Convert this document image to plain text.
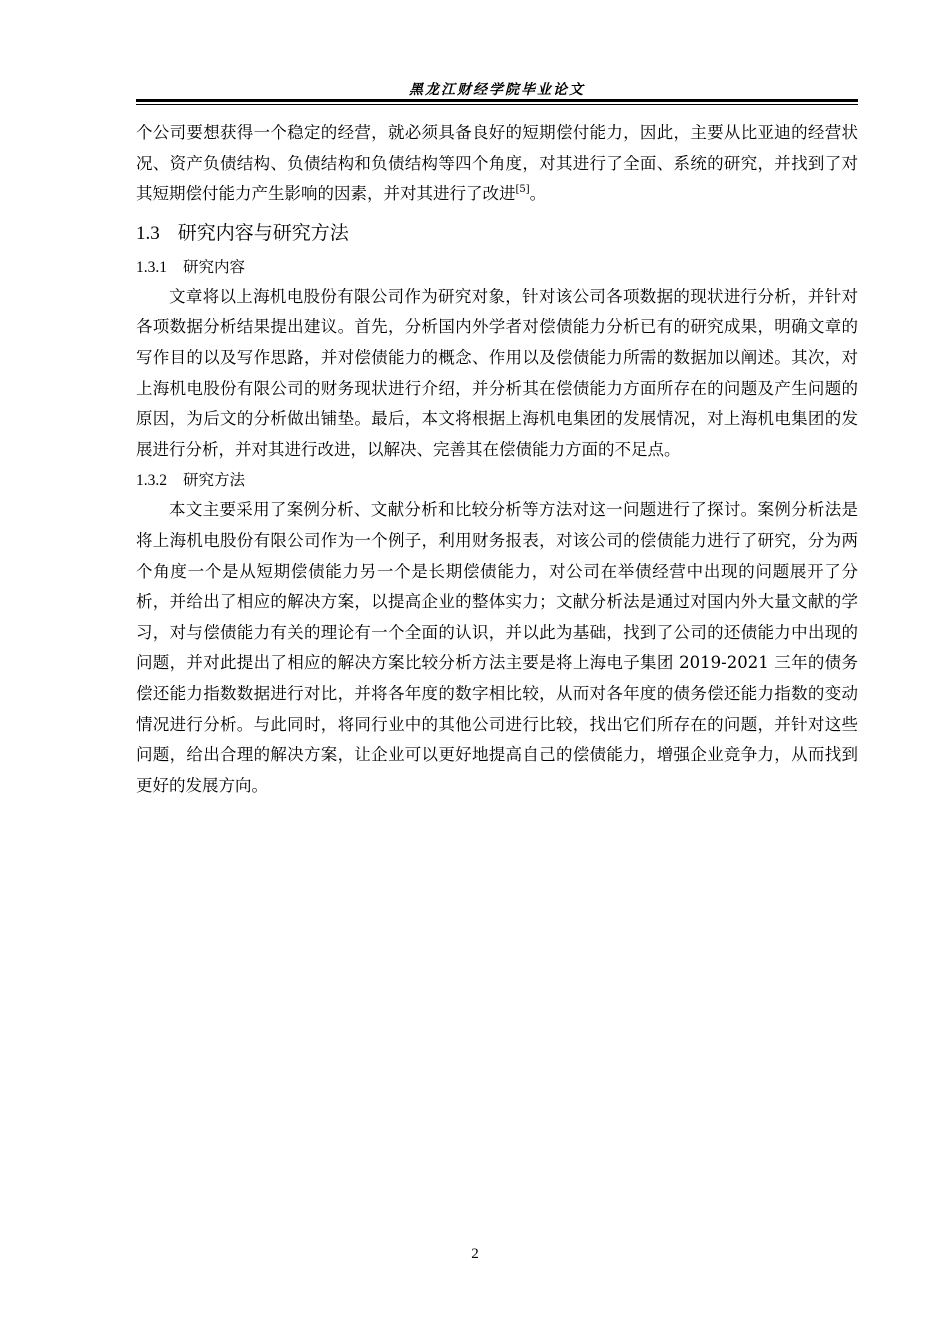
黑龙江财经学院毕业论文

个公司要想获得一个稳定的经营，就必须具备良好的短期偿付能力，因此，主要从比亚迪的经营状况、资产负债结构、负债结构和负债结构等四个角度，对其进行了全面、系统的研究，并找到了对其短期偿付能力产生影响的因素，并对其进行了改进[5]。

1.3 研究内容与研究方法
1.3.1 研究内容

文章将以上海机电股份有限公司作为研究对象，针对该公司各项数据的现状进行分析，并针对各项数据分析结果提出建议。首先，分析国内外学者对偿债能力分析已有的研究成果，明确文章的写作目的以及写作思路，并对偿债能力的概念、作用以及偿债能力所需的数据加以阐述。其次，对上海机电股份有限公司的财务现状进行介绍，并分析其在偿债能力方面所存在的问题及产生问题的原因，为后文的分析做出铺垫。最后，本文将根据上海机电集团的发展情况，对上海机电集团的发展进行分析，并对其进行改进，以解决、完善其在偿债能力方面的不足点。

1.3.2 研究方法

本文主要采用了案例分析、文献分析和比较分析等方法对这一问题进行了探讨。案例分析法是将上海机电股份有限公司作为一个例子，利用财务报表，对该公司的偿债能力进行了研究，分为两个角度一个是从短期偿债能力另一个是长期偿债能力，对公司在举债经营中出现的问题展开了分析，并给出了相应的解决方案，以提高企业的整体实力；文献分析法是通过对国内外大量文献的学习，对与偿债能力有关的理论有一个全面的认识，并以此为基础，找到了公司的还债能力中出现的问题，并对此提出了相应的解决方案比较分析方法主要是将上海电子集团 2019-2021 三年的债务偿还能力指数数据进行对比，并将各年度的数字相比较，从而对各年度的债务偿还能力指数的变动情况进行分析。与此同时，将同行业中的其他公司进行比较，找出它们所存在的问题，并针对这些问题，给出合理的解决方案，让企业可以更好地提高自己的偿债能力，增强企业竞争力，从而找到更好的发展方向。

2
